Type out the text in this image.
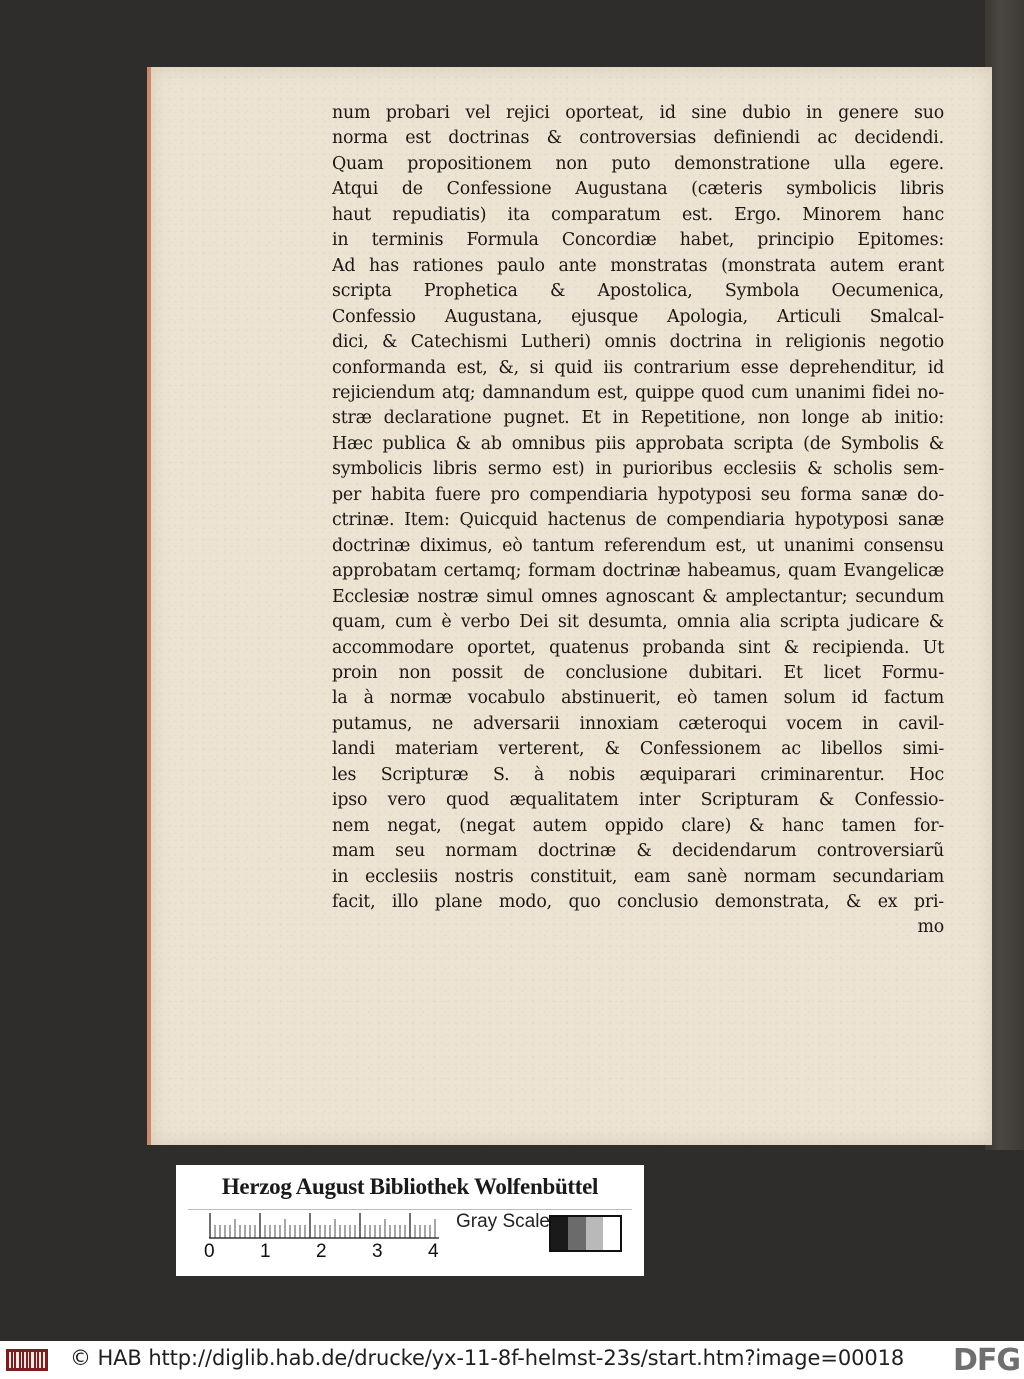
num probari vel rejici oporteat, id sine dubio in genere suo
norma est doctrinas & controversias definiendi ac decidendi.
Quam propositionem non puto demonstratione ulla egere.
Atqui de Confessione Augustana (cæteris symbolicis libris
haut repudiatis) ita comparatum est. Ergo. Minorem hanc
in terminis Formula Concordiæ habet, principio Epitomes:
Ad has rationes paulo ante monstratas (monstrata autem erant
scripta Prophetica & Apostolica, Symbola Oecumenica,
Confessio Augustana, ejusque Apologia, Articuli Smalcal-
dici, & Catechismi Lutheri) omnis doctrina in religionis negotio
conformanda est, &, si quid iis contrarium esse deprehenditur, id
rejiciendum atq; damnandum est, quippe quod cum unanimi fidei no-
stræ declaratione pugnet. Et in Repetitione, non longe ab initio:
Hæc publica & ab omnibus piis approbata scripta (de Symbolis &
symbolicis libris sermo est) in purioribus ecclesiis & scholis sem-
per habita fuere pro compendiaria hypotyposi seu forma sanæ do-
ctrinæ. Item: Quicquid hactenus de compendiaria hypotyposi sanæ
doctrinæ diximus, eò tantum referendum est, ut unanimi consensu
approbatam certamq; formam doctrinæ habeamus, quam Evangelicæ
Ecclesiæ nostræ simul omnes agnoscant & amplectantur; secundum
quam, cum è verbo Dei sit desumta, omnia alia scripta judicare &
accommodare oportet, quatenus probanda sint & recipienda. Ut
proin non possit de conclusione dubitari. Et licet Formu-
la à normæ vocabulo abstinuerit, eò tamen solum id factum
putamus, ne adversarii innoxiam cæteroqui vocem in cavil-
landi materiam verterent, & Confessionem ac libellos simi-
les Scripturæ S. à nobis æquiparari criminarentur. Hoc
ipso vero quod æqualitatem inter Scripturam & Confessio-
nem negat, (negat autem oppido clare) & hanc tamen for-
mam seu normam doctrinæ & decidendarum controversiarũ
in ecclesiis nostris constituit, eam sanè normam secundariam
facit, illo plane modo, quo conclusio demonstrata, & ex pri-
mo
Herzog August Bibliothek Wolfenbüttel
0 1 2 3 4
Gray Scale
© HAB http://diglib.hab.de/drucke/yx-11-8f-helmst-23s/start.htm?image=00018 DFG
